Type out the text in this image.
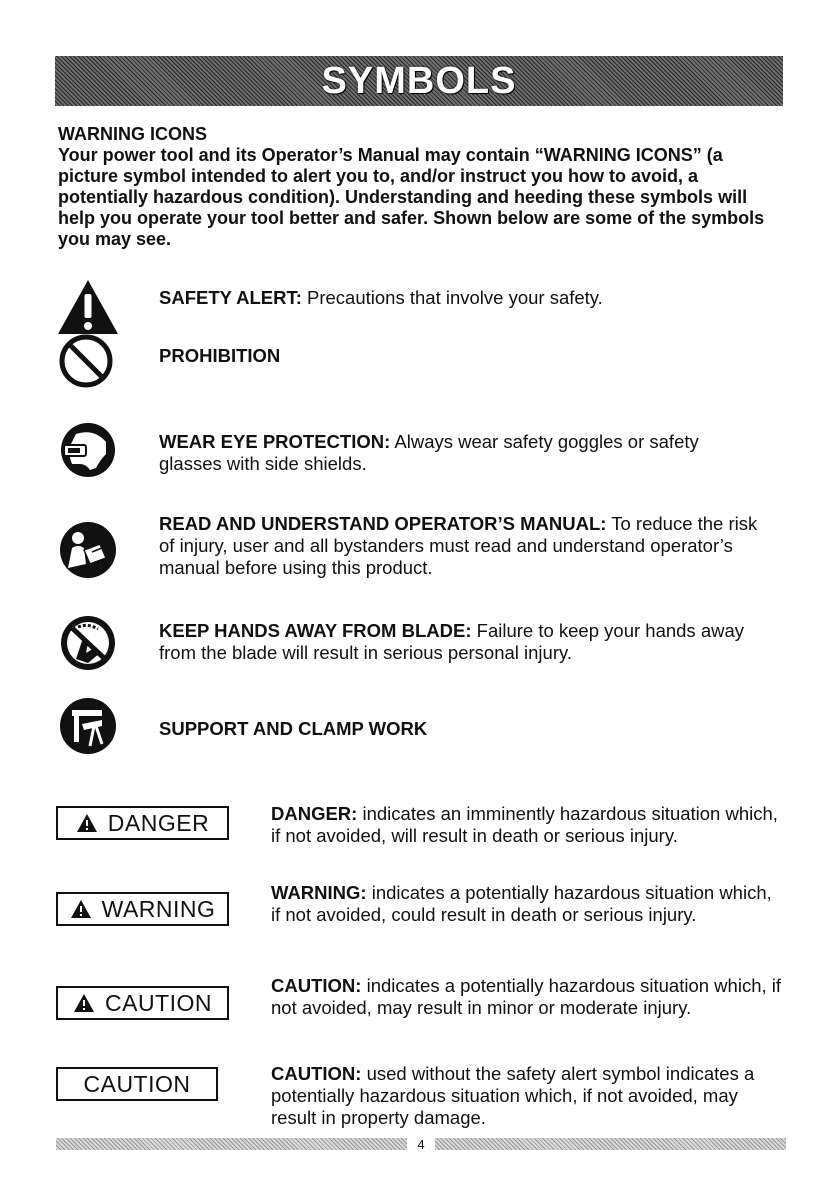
SYMBOLS
WARNING ICONS
Your power tool and its Operator’s Manual may contain “WARNING ICONS” (a picture symbol intended to alert you to, and/or instruct you how to avoid, a potentially hazardous condition). Understanding and heeding these symbols will help you operate your tool better and safer. Shown below are some of the symbols you may see.
SAFETY ALERT: Precautions that involve your safety.
PROHIBITION
WEAR EYE PROTECTION: Always wear safety goggles or safety glasses with side shields.
READ AND UNDERSTAND OPERATOR’S MANUAL: To reduce the risk of injury, user and all bystanders must read and understand operator’s manual before using this product.
KEEP HANDS AWAY FROM BLADE: Failure to keep your hands away from the blade will result in serious personal injury.
SUPPORT AND CLAMP WORK
DANGER	DANGER: indicates an imminently hazardous situation which, if not avoided, will result in death or serious injury.
WARNING
WARNING: indicates a potentially hazardous situation which, if not avoided, could result in death or serious injury.
CAUTION
CAUTION: indicates a potentially hazardous situation which, if not avoided, may result in minor or moderate injury.
CAUTION	CAUTION: used without the safety alert symbol indicates a potentially hazardous situation which, if not avoided, may result in property damage.
4
